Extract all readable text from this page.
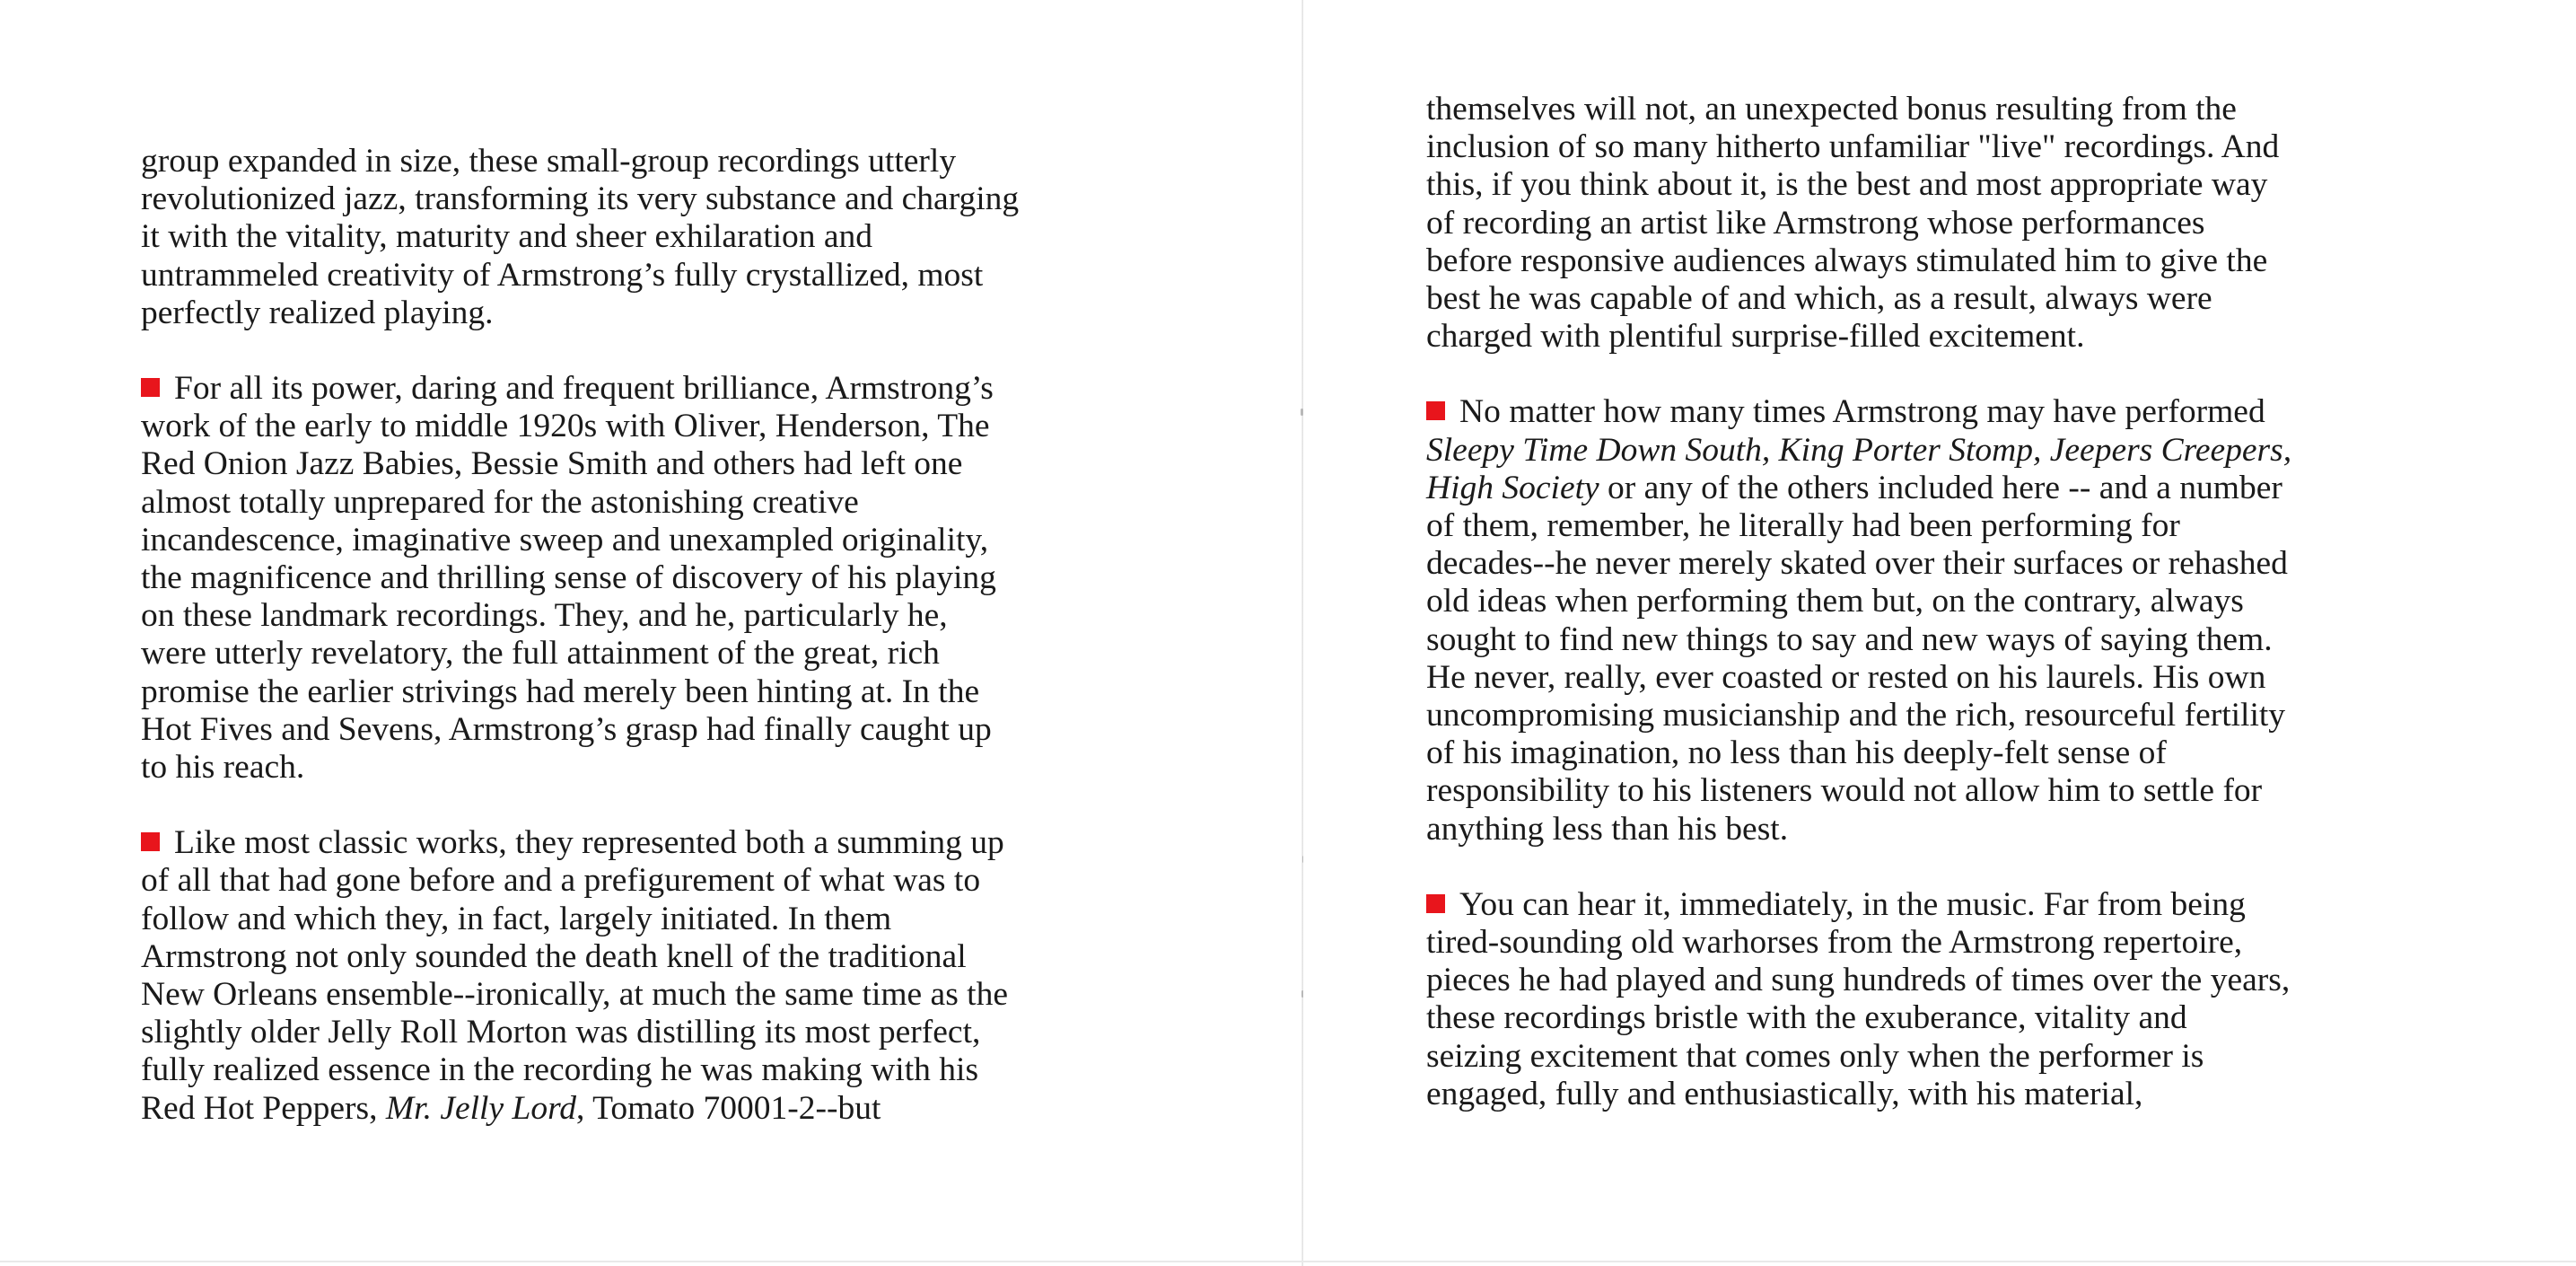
group expanded in size, these small-group recordings utterly
revolutionized jazz, transforming its very substance and charging
it with the vitality, maturity and sheer exhilaration and
untrammeled creativity of Armstrong’s fully crystallized, most
perfectly realized playing.

For all its power, daring and frequent brilliance, Armstrong’s
work of the early to middle 1920s with Oliver, Henderson, The
Red Onion Jazz Babies, Bessie Smith and others had left one
almost totally unprepared for the astonishing creative
incandescence, imaginative sweep and unexampled originality,
the magnificence and thrilling sense of discovery of his playing
on these landmark recordings. They, and he, particularly he,
were utterly revelatory, the full attainment of the great, rich
promise the earlier strivings had merely been hinting at. In the
Hot Fives and Sevens, Armstrong’s grasp had finally caught up
to his reach.

Like most classic works, they represented both a summing up
of all that had gone before and a prefigurement of what was to
follow and which they, in fact, largely initiated. In them
Armstrong not only sounded the death knell of the traditional
New Orleans ensemble--ironically, at much the same time as the
slightly older Jelly Roll Morton was distilling its most perfect,
fully realized essence in the recording he was making with his
Red Hot Peppers, Mr. Jelly Lord, Tomato 70001-2--but

themselves will not, an unexpected bonus resulting from the
inclusion of so many hitherto unfamiliar "live" recordings. And
this, if you think about it, is the best and most appropriate way
of recording an artist like Armstrong whose performances
before responsive audiences always stimulated him to give the
best he was capable of and which, as a result, always were
charged with plentiful surprise-filled excitement.

No matter how many times Armstrong may have performed
Sleepy Time Down South, King Porter Stomp, Jeepers Creepers,
High Society or any of the others included here -- and a number
of them, remember, he literally had been performing for
decades--he never merely skated over their surfaces or rehashed
old ideas when performing them but, on the contrary, always
sought to find new things to say and new ways of saying them.
He never, really, ever coasted or rested on his laurels. His own
uncompromising musicianship and the rich, resourceful fertility
of his imagination, no less than his deeply-felt sense of
responsibility to his listeners would not allow him to settle for
anything less than his best.

You can hear it, immediately, in the music. Far from being
tired-sounding old warhorses from the Armstrong repertoire,
pieces he had played and sung hundreds of times over the years,
these recordings bristle with the exuberance, vitality and
seizing excitement that comes only when the performer is
engaged, fully and enthusiastically, with his material,
